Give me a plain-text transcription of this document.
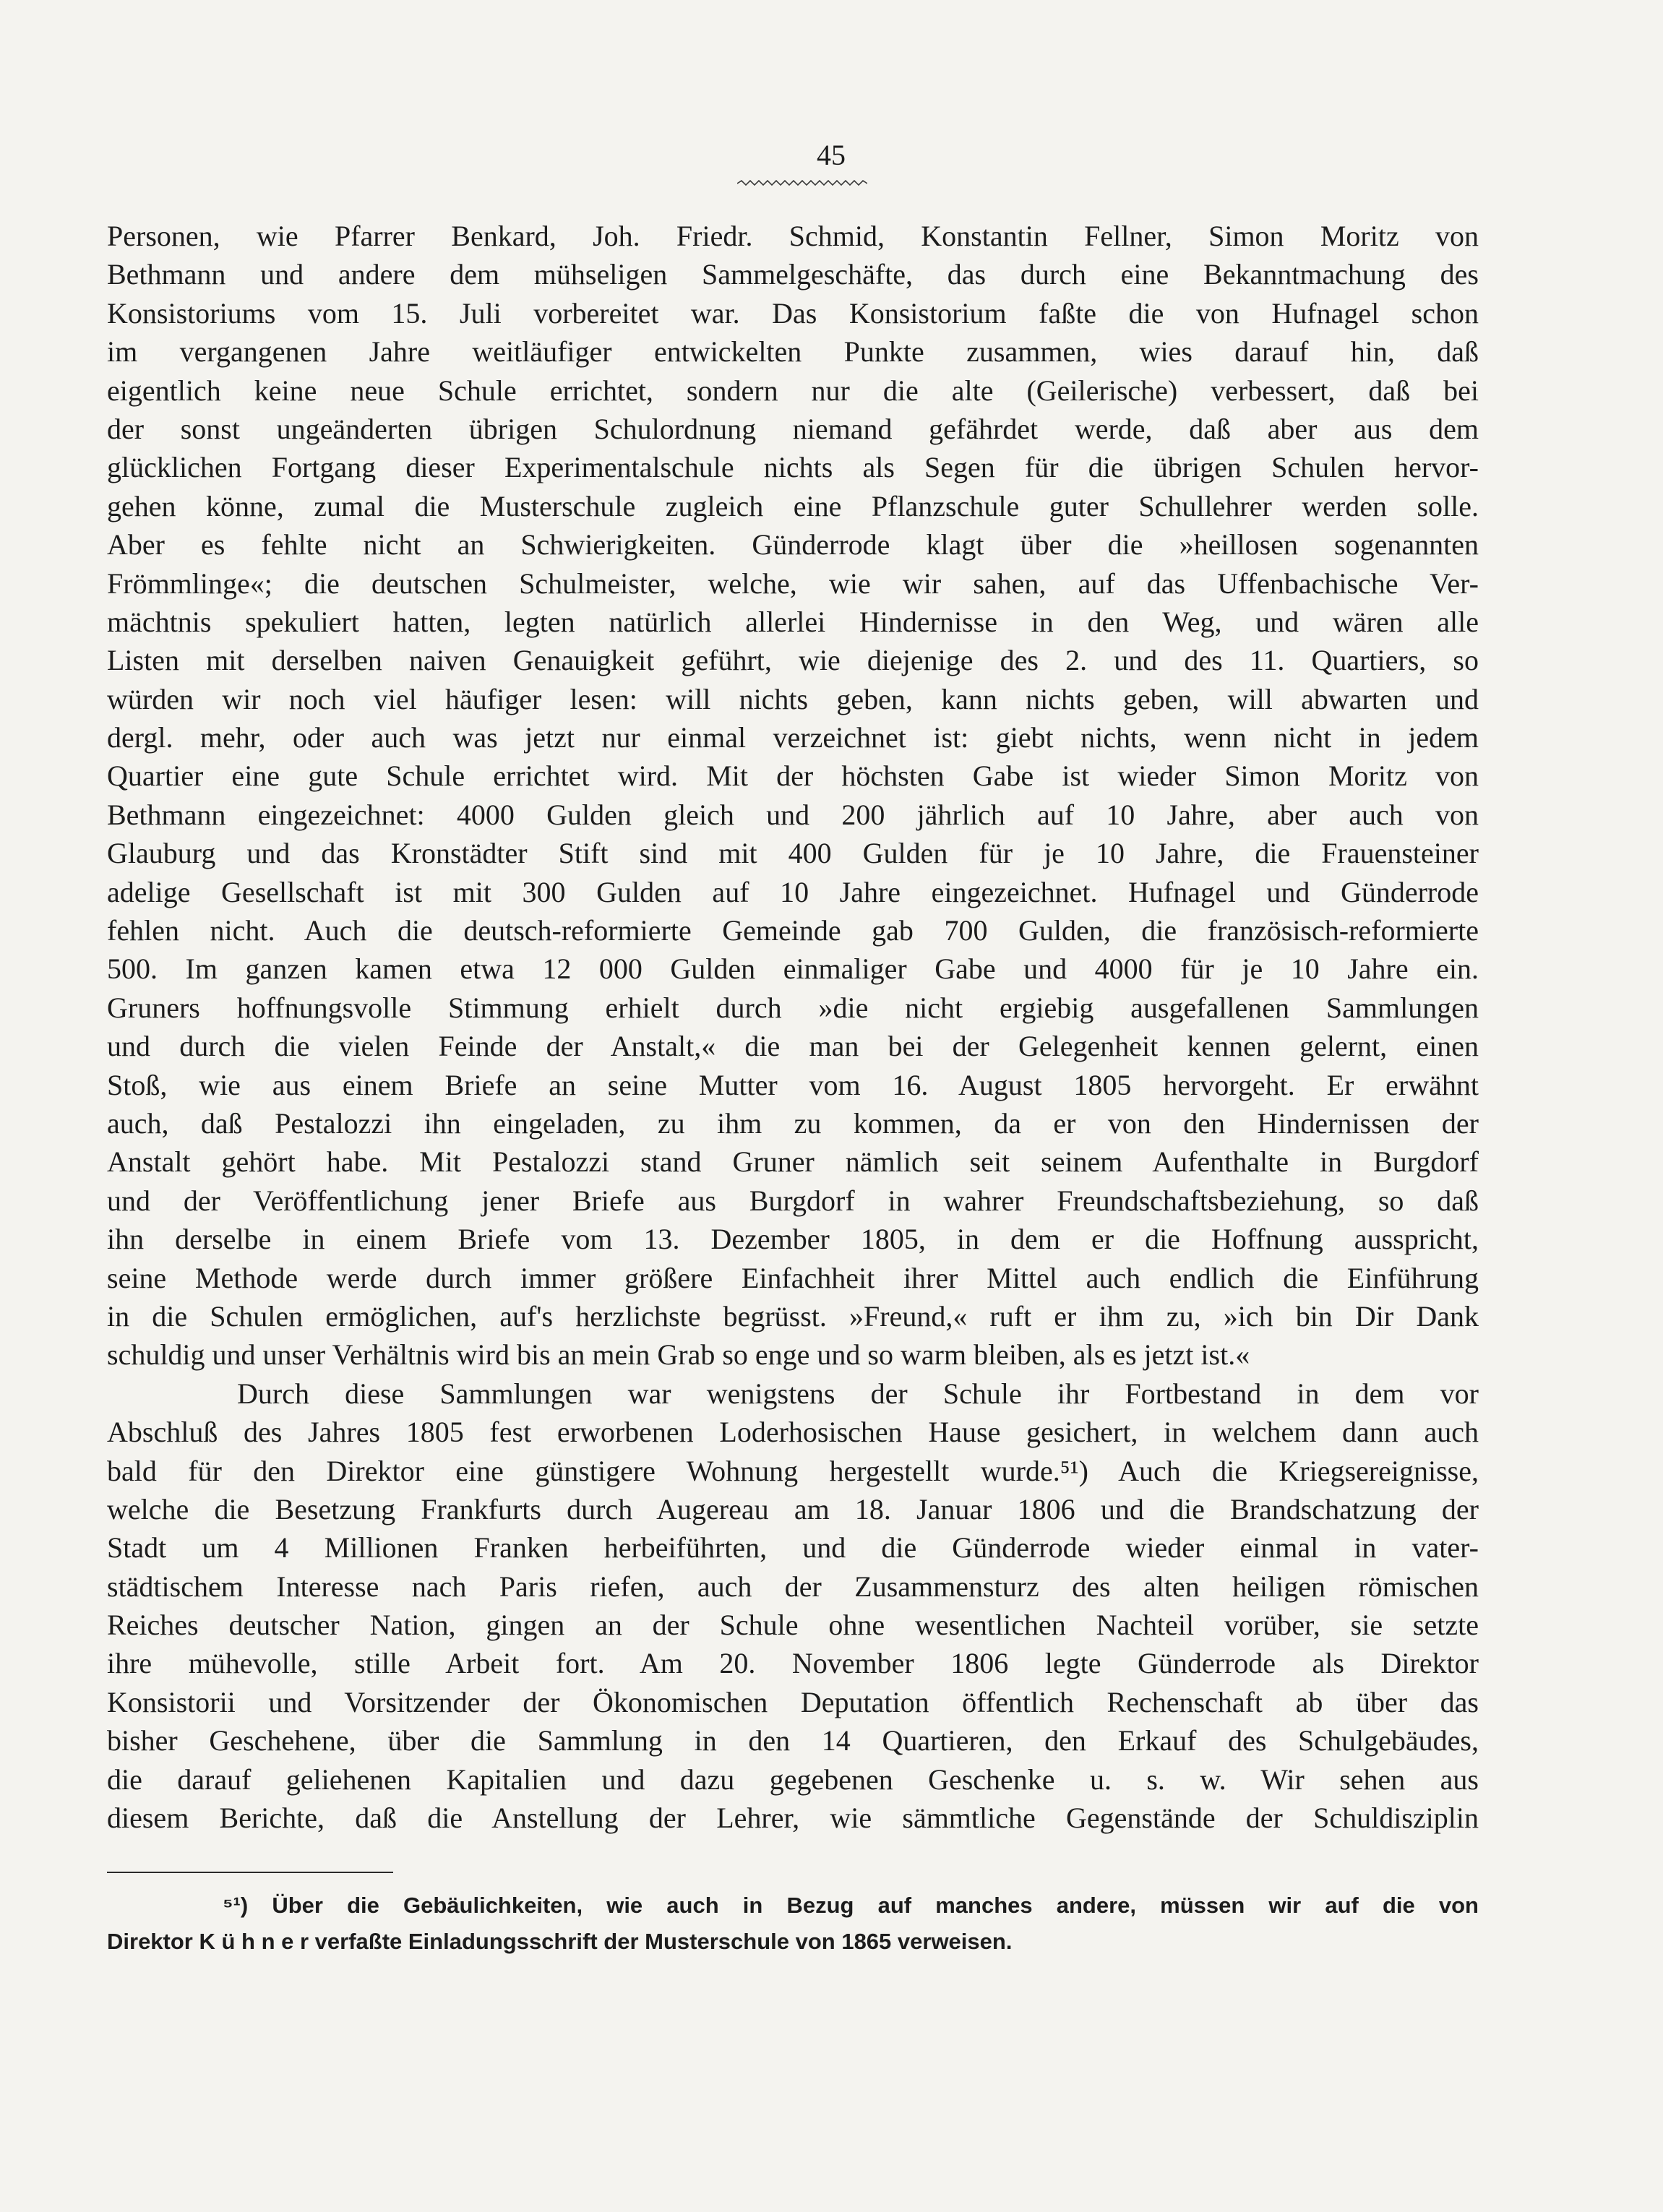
45
Personen, wie Pfarrer Benkard, Joh. Friedr. Schmid, Konstantin Fellner, Simon Moritz von
Bethmann und andere dem mühseligen Sammelgeschäfte, das durch eine Bekanntmachung des
Konsistoriums vom 15. Juli vorbereitet war. Das Konsistorium faßte die von Hufnagel schon
im vergangenen Jahre weitläufiger entwickelten Punkte zusammen, wies darauf hin, daß
eigentlich keine neue Schule errichtet, sondern nur die alte (Geilerische) verbessert, daß bei
der sonst ungeänderten übrigen Schulordnung niemand gefährdet werde, daß aber aus dem
glücklichen Fortgang dieser Experimentalschule nichts als Segen für die übrigen Schulen hervor-
gehen könne, zumal die Musterschule zugleich eine Pflanzschule guter Schullehrer werden solle.
Aber es fehlte nicht an Schwierigkeiten. Günderrode klagt über die »heillosen sogenannten
Frömmlinge«; die deutschen Schulmeister, welche, wie wir sahen, auf das Uffenbachische Ver-
mächtnis spekuliert hatten, legten natürlich allerlei Hindernisse in den Weg, und wären alle
Listen mit derselben naiven Genauigkeit geführt, wie diejenige des 2. und des 11. Quartiers, so
würden wir noch viel häufiger lesen: will nichts geben, kann nichts geben, will abwarten und
dergl. mehr, oder auch was jetzt nur einmal verzeichnet ist: giebt nichts, wenn nicht in jedem
Quartier eine gute Schule errichtet wird. Mit der höchsten Gabe ist wieder Simon Moritz von
Bethmann eingezeichnet: 4000 Gulden gleich und 200 jährlich auf 10 Jahre, aber auch von
Glauburg und das Kronstädter Stift sind mit 400 Gulden für je 10 Jahre, die Frauensteiner
adelige Gesellschaft ist mit 300 Gulden auf 10 Jahre eingezeichnet. Hufnagel und Günderrode
fehlen nicht. Auch die deutsch-reformierte Gemeinde gab 700 Gulden, die französisch-reformierte
500. Im ganzen kamen etwa 12 000 Gulden einmaliger Gabe und 4000 für je 10 Jahre ein.
Gruners hoffnungsvolle Stimmung erhielt durch »die nicht ergiebig ausgefallenen Sammlungen
und durch die vielen Feinde der Anstalt,« die man bei der Gelegenheit kennen gelernt, einen
Stoß, wie aus einem Briefe an seine Mutter vom 16. August 1805 hervorgeht. Er erwähnt
auch, daß Pestalozzi ihn eingeladen, zu ihm zu kommen, da er von den Hindernissen der
Anstalt gehört habe. Mit Pestalozzi stand Gruner nämlich seit seinem Aufenthalte in Burgdorf
und der Veröffentlichung jener Briefe aus Burgdorf in wahrer Freundschaftsbeziehung, so daß
ihn derselbe in einem Briefe vom 13. Dezember 1805, in dem er die Hoffnung ausspricht,
seine Methode werde durch immer größere Einfachheit ihrer Mittel auch endlich die Einführung
in die Schulen ermöglichen, auf's herzlichste begrüsst. »Freund,« ruft er ihm zu, »ich bin Dir Dank
schuldig und unser Verhältnis wird bis an mein Grab so enge und so warm bleiben, als es jetzt ist.«
Durch diese Sammlungen war wenigstens der Schule ihr Fortbestand in dem vor
Abschluß des Jahres 1805 fest erworbenen Loderhosischen Hause gesichert, in welchem dann auch
bald für den Direktor eine günstigere Wohnung hergestellt wurde.⁵¹) Auch die Kriegsereignisse,
welche die Besetzung Frankfurts durch Augereau am 18. Januar 1806 und die Brandschatzung der
Stadt um 4 Millionen Franken herbeiführten, und die Günderrode wieder einmal in vater-
städtischem Interesse nach Paris riefen, auch der Zusammensturz des alten heiligen römischen
Reiches deutscher Nation, gingen an der Schule ohne wesentlichen Nachteil vorüber, sie setzte
ihre mühevolle, stille Arbeit fort. Am 20. November 1806 legte Günderrode als Direktor
Konsistorii und Vorsitzender der Ökonomischen Deputation öffentlich Rechenschaft ab über das
bisher Geschehene, über die Sammlung in den 14 Quartieren, den Erkauf des Schulgebäudes,
die darauf geliehenen Kapitalien und dazu gegebenen Geschenke u. s. w. Wir sehen aus
diesem Berichte, daß die Anstellung der Lehrer, wie sämmtliche Gegenstände der Schuldisziplin
⁵¹) Über die Gebäulichkeiten, wie auch in Bezug auf manches andere, müssen wir auf die von
Direktor K ü h n e r verfaßte Einladungsschrift der Musterschule von 1865 verweisen.
